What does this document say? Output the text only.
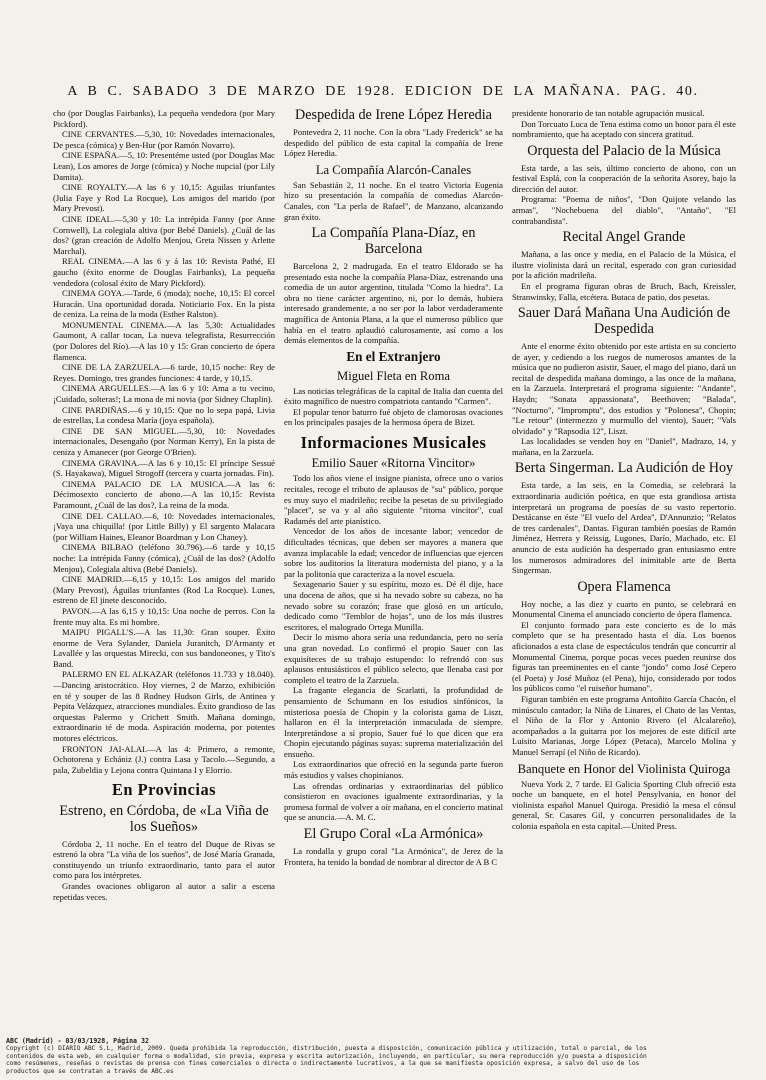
A B C. SABADO 3 DE MARZO DE 1928. EDICION DE LA MAÑANA. PAG. 40.

cho (por Douglas Fairbanks), La pequeña vendedora (por Mary Pickford).

CINE CERVANTES.—5,30, 10: Novedades internacionales, De pesca (cómica) y Ben-Hur (por Ramón Novarro).

CINE ESPAÑA.—5, 10: Presentéme usted (por Douglas Mac Lean), Los amores de Jorge (cómica) y Noche nupcial (por Lily Damita).

CINE ROYALTY.—A las 6 y 10,15: Aguilas triunfantes (Julia Faye y Rod La Rocque), Los amigos del marido (por Mary Prevost).

CINE IDEAL.—5,30 y 10: La intrépida Fanny (por Anne Cornwell), La colegiala altiva (por Bebé Daniels). ¿Cuál de las dos? (gran creación de Adolfo Menjou, Greta Nissen y Arlette Marchal).

REAL CINEMA.—A las 6 y á las 10: Revista Pathé, El gaucho (éxito enorme de Douglas Fairbanks), La pequeña vendedora (colosal éxito de Mary Pickford).

CINEMA GOYA.—Tarde, 6 (moda); noche, 10,15: El corcel Huracán. Una oportunidad dorada. Noticiario Fox. En la pista de ceniza. La reina de la moda (Esther Ralston).

MONUMENTAL CINEMA.—A las 5,30: Actualidades Gaumont, A callar tocan, La nueva telegrafista, Resurrección (por Dolores del Río).—A las 10 y 15: Gran concierto de ópera flamenca.

CINE DE LA ZARZUELA.—6 tarde, 10,15 noche: Rey de Reyes. Domingo, tres grandes funciones: 4 tarde, y 10,15.

CINEMA ARGUELLES.—A las 6 y 10: Ama a tu vecino, ¡Cuidado, solteras!; La mona de mi novia (por Sidney Chaplin).

CINE PARDIÑAS.—6 y 10,15: Que no lo sepa papá, Livia de estrellas, La condesa María (joya española).

CINE DE SAN MIGUEL.—5,30, 10: Novedades internacionales, Desengaño (por Norman Kerry), En la pista de ceniza y Amanecer (por George O'Brien).

CINEMA GRAVINA.—A las 6 y 10,15: El príncipe Sessué (S. Hayakawa), Miguel Strogoff (tercera y cuarta jornadas. Fin).

CINEMA PALACIO DE LA MUSICA.—A las 6: Décimosexto concierto de abono.—A las 10,15: Revista Paramount, ¿Cuál de las dos?, La reina de la moda.

CINE DEL CALLAO.—6, 10: Novedades internacionales, ¡Vaya una chiquilla! (por Little Billy) y El sargento Malacara (por William Haines, Eleanor Boardman y Lon Chaney).

CINEMA BILBAO (teléfono 30.796).—6 tarde y 10,15 noche: La intrépida Fanny (cómica), ¿Cuál de las dos? (Adolfo Menjou), Colegiala altiva (Bebé Daniels).

CINE MADRID.—6,15 y 10,15: Los amigos del marido (Mary Prevost), Águilas triunfantes (Rod La Rocque). Lunes, estreno de El jinete desconocido.

PAVON.—A las 6,15 y 10,15: Una noche de perros. Con la frente muy alta. Es mi hombre.

MAIPU PIGALL'S.—A las 11,30: Gran souper. Éxito enorme de Vera Sylander, Daniela Juranitch, D'Armanty et Lavallée y las orquestas Mirecki, con sus bandoneones, y Tito's Band.

PALERMO EN EL ALKAZAR (teléfonos 11.733 y 18.040).—Dancing aristocrático. Hoy viernes, 2 de Marzo, exhibición en té y souper de las 8 Rodney Hudson Girls, de Antinea y Pepita Velázquez, atracciones mundiales. Éxito grandioso de las orquestas Palermo y Crichett Smith. Mañana domingo, extraordinario té de moda. Aspiración moderna, por potentes motores eléctricos.

FRONTON JAI-ALAI.—A las 4: Primero, a remonte, Ochotorena y Echániz (J.) contra Lasa y Tacolo.—Segundo, a pala, Zubeldia y Lejona contra Quintana I y Elorrio.

En Provincias
Estreno, en Córdoba, de «La Viña de los Sueños»

Córdoba 2, 11 noche. En el teatro del Duque de Rivas se estrenó la obra "La viña de los sueños", de José María Granada, constituyendo un triunfo extraordinario, tanto para el autor como para los intérpretes.

Grandes ovaciones obligaron al autor a salir a escena repetidas veces.

Despedida de Irene López Heredia

Pontevedra 2, 11 noche. Con la obra "Lady Frederick" se ha despedido del público de esta capital la compañía de Irene López Heredia.

La Compañía Alarcón-Canales

San Sebastián 2, 11 noche. En el teatro Victoria Eugenia hizo su presentación la compañía de comedias Alarcón-Canales, con "La perla de Rafael", de Manzano, alcanzando gran éxito.

La Compañía Plana-Díaz, en Barcelona

Barcelona 2, 2 madrugada. En el teatro Eldorado se ha presentado esta noche la compañía Plana-Díaz, estrenando una comedia de un autor argentino, titulada "Como la hiedra". La obra no tiene carácter argentino, ni, por lo demás, hubiera interesado grandemente, a no ser por la labor verdaderamente magnífica de Antonia Plana, a la que el numeroso público que había en el teatro aplaudió calurosamente, así como a los demás elementos de la compañía.

En el Extranjero
Miguel Fleta en Roma

Las noticias telegráficas de la capital de Italia dan cuenta del éxito magnífico de nuestro compatriota cantando "Carmen".

El popular tenor baturro fué objeto de clamorosas ovaciones en los principales pasajes de la hermosa ópera de Bizet.

Informaciones Musicales
Emilio Sauer «Ritorna Vincitor»

Todo los años viene el insigne pianista, ofrece uno o varios recitales, recoge el tributo de aplausos de "su" público, porque es muy suyo el madrileño; recibe la pesetas de su privilegiado "placet", se va y al año siguiente "ritorna vincitor", cual Radamés del arte pianístico.

Vencedor de los años de incesante labor; vencedor de dificultades técnicas, que deben ser mayores a manera que avanza implacable la edad; vencedor de influencias que ejercen sobre los auditorios la literatura modernista del piano, y a la par la politonía que caracteriza a la novel escuela.

Sexagenario Sauer y su espíritu, mozo es. Dé él dije, hace una docena de años, que si ha nevado sobre su cabeza, no ha nevado sobre su corazón; frase que glosó en un artículo, dedicado como "Temblor de hojas", uno de los más ilustres escritores, el malogrado Ortega Munilla.

Decir lo mismo ahora sería una redundancia, pero no sería una gran novedad. Lo confirmó el propio Sauer con las exquisiteces de su trabajo estupendo: lo refrendó con sus aplausos entusiásticos el público selecto, que llenaba casi por completo el teatro de la Zarzuela.

La fragante elegancia de Scarlatti, la profundidad de pensamiento de Schumann en los estudios sinfónicos, la misteriosa poesía de Chopin y la colorista gama de Liszt, hallaron en él la interpretación inmaculada de siempre. Interpretándose a sí propio, Sauer fué lo que dicen que era Chopin ejecutando páginas suyas: suprema materialización del ensueño.

Los extraordinarios que ofreció en la segunda parte fueron más estudios y valses chopinianos.

Las ofrendas ordinarias y extraordinarias del público consistieron en ovaciones igualmente extraordinarias, y la promesa formal de volver a oír mañana, en el concierto matinal que se anuncia.—A. M. C.

El Grupo Coral «La Armónica»

La rondalla y grupo coral "La Armónica", de Jerez de la Frontera, ha tenido la bondad de nombrar al director de A B C

presidente honorario de tan notable agrupación musical.

Don Torcuato Luca de Tena estima como un honor para él este nombramiento, que ha aceptado con sincera gratitud.

Orquesta del Palacio de la Música

Esta tarde, a las seis, último concierto de abono, con un festival Esplá, con la cooperación de la señorita Asorey, bajo la dirección del autor.

Programa: "Poema de niños", "Don Quijote velando las armas", "Nochebuena del diablo", "Antaño", "El contrabandista".

Recital Angel Grande

Mañana, a las once y media, en el Palacio de la Música, el ilustre violinista dará un recital, esperado con gran curiosidad por la afición madrileña.

En el programa figuran obras de Bruch, Bach, Kreissler, Stranwinsky, Falla, etcétera. Butaca de patio, dos pesetas.

Sauer Dará Mañana Una Audición de Despedida

Ante el enorme éxito obtenido por este artista en su concierto de ayer, y cediendo a los ruegos de numerosos amantes de la música que no pudieron asistir, Sauer, el mago del piano, dará un recital de despedida mañana domingo, a las once de la mañana, en la Zarzuela. Interpretará el programa siguiente: "Andante", Haydn; "Sonata appassionata", Beethoven; "Balada", "Nocturno", "Impromptu", dos estudios y "Polonesa", Chopin; "Le retour" (intermezzo y murmullo del viento), Sauer; "Vals olvidado" y "Rapsodia 12", Liszt.

Las localidades se venden hoy en "Daniel", Madrazo, 14, y mañana, en la Zarzuela.

Berta Singerman. La Audición de Hoy

Esta tarde, a las seis, en la Comedia, se celebrará la extraordinaria audición poética, en que esta grandiosa artista interpretará un programa de poesías de su vasto repertorio. Destácanse en éste "El vuelo del Ardea", D'Annunzio; "Relatos de tres cardenales", Dantas. Figuran también poesías de Ramón Jiménez, Herrera y Reissig, Lugones, Darío, Machado, etc. El anuncio de esta audición ha despertado gran entusiasmo entre los numerosos admiradores del inimitable arte de Berta Singerman.

Opera Flamenca

Hoy noche, a las diez y cuarto en punto, se celebrará en Monumental Cinema el anunciado concierto de ópera flamenca.

El conjunto formado para este concierto es de lo más completo que se ha presentado hasta el día. Los buenos aficionados a esta clase de espectáculos tendrán que concurrir al Monumental Cinema, porque pocas veces pueden reunirse dos figuras tan preeminentes en el cante "jondo" como José Cepero (el Poeta) y José Muñoz (el Pena), hijo, considerado por todos los públicos como "el ruiseñor humano".

Figuran también en este programa Antoñito García Chacón, el minúsculo cantador; la Niña de Linares, el Chato de las Ventas, el Niño de la Flor y Antonio Rivero (el Alcalareño), acompañados a la guitarra por los mejores de este difícil arte Luisito Marianas, Jorge López (Petaca), Marcelo Molina y Manuel Serrapí (el Niño de Ricardo).

Banquete en Honor del Violinista Quiroga

Nueva York 2, 7 tarde. El Galicia Sporting Club ofreció esta noche un banquete, en el hotel Pensylvania, en honor del violinista español Manuel Quiroga. Presidió la mesa el cónsul general, Sr. Casares Gil, y concurren personalidades de la colonia española en esta capital.—United Press.

ABC (Madrid) - 03/03/1928, Página 32
Copyright (c) DIARIO ABC S.L, Madrid, 2009. Queda prohibida la reproducción, distribución, puesta a disposición, comunicación pública y utilización, total o parcial, de los
contenidos de esta web, en cualquier forma o modalidad, sin previa, expresa y escrita autorización, incluyendo, en particular, su mera reproducción y/o puesta a disposición
como resúmenes, reseñas o revistas de prensa con fines comerciales o directa o indirectamente lucrativos, a la que se manifiesta oposición expresa, a salvo del uso de los
productos que se contratan a través de ABC.es
